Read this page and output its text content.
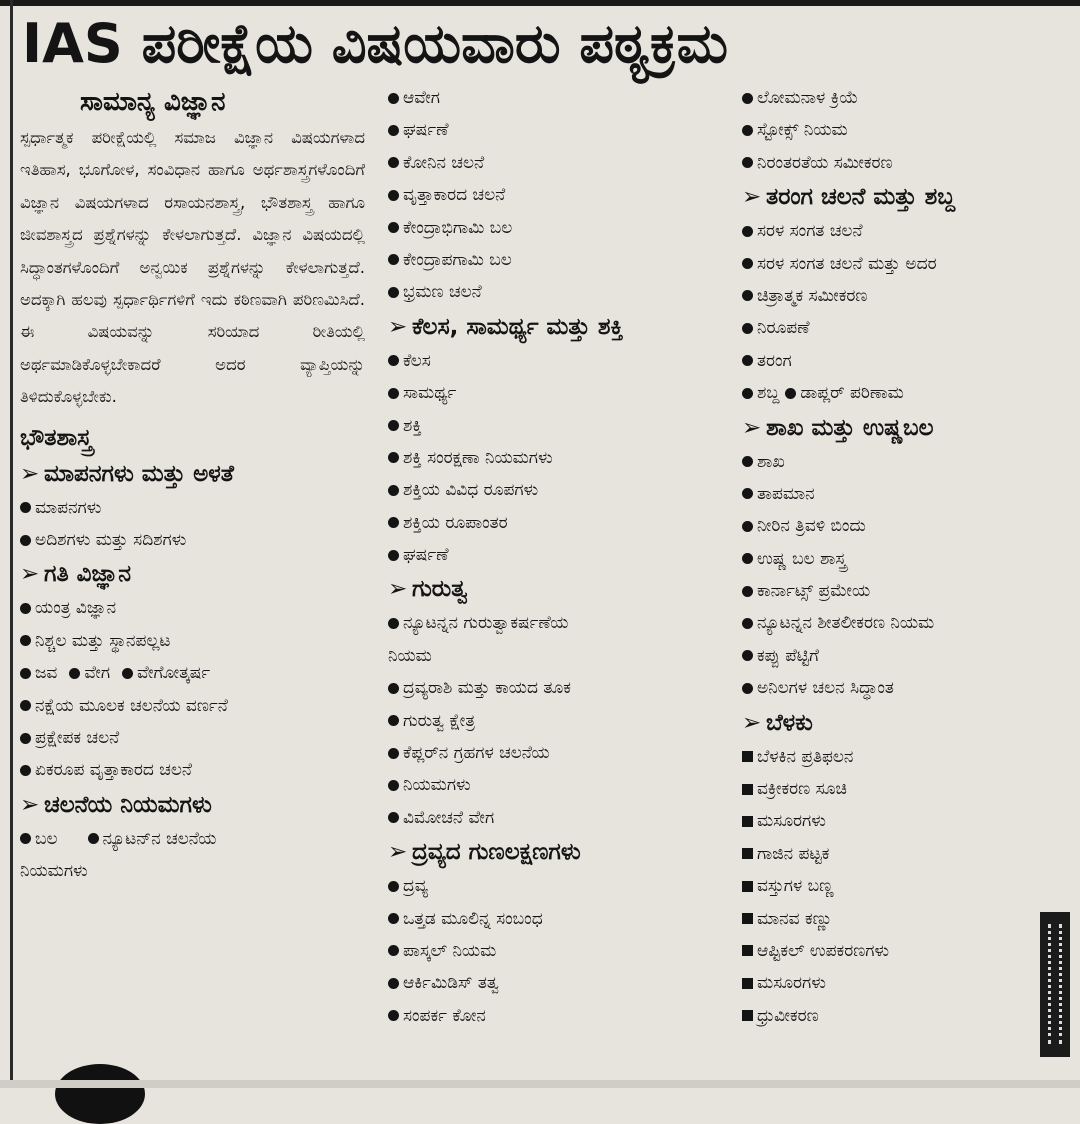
IAS ಪರೀಕ್ಷೆಯ ವಿಷಯವಾರು ಪಠ್ಯಕ್ರಮ
ಸಾಮಾನ್ಯ ವಿಜ್ಞಾನ
ಸ್ಪರ್ಧಾತ್ಮಕ ಪರೀಕ್ಷೆಯಲ್ಲಿ ಸಮಾಜ ವಿಜ್ಞಾನ ವಿಷಯಗಳಾದ ಇತಿಹಾಸ, ಭೂಗೋಳ, ಸಂವಿಧಾನ ಹಾಗೂ ಅರ್ಥಶಾಸ್ತ್ರಗಳೊಂದಿಗೆ ವಿಜ್ಞಾನ ವಿಷಯಗಳಾದ ರಸಾಯನಶಾಸ್ತ್ರ, ಭೌತಶಾಸ್ತ್ರ ಹಾಗೂ ಜೀವಶಾಸ್ತ್ರದ ಪ್ರಶ್ನೆಗಳನ್ನು ಕೇಳಲಾಗುತ್ತದೆ. ವಿಜ್ಞಾನ ವಿಷಯದಲ್ಲಿ ಸಿದ್ಧಾಂತಗಳೊಂದಿಗೆ ಅನ್ವಯಿಕ ಪ್ರಶ್ನೆಗಳನ್ನು ಕೇಳಲಾಗುತ್ತದೆ. ಅದಕ್ಕಾಗಿ ಹಲವು ಸ್ಪರ್ಧಾರ್ಥಿಗಳಿಗೆ ಇದು ಕಠಿಣವಾಗಿ ಪರಿಣಮಿಸಿದೆ. ಈ ವಿಷಯವನ್ನು ಸರಿಯಾದ ರೀತಿಯಲ್ಲಿ ಅರ್ಥಮಾಡಿಕೊಳ್ಳಬೇಕಾದರೆ ಅದರ ವ್ಯಾಪ್ತಿಯನ್ನು ತಿಳಿದುಕೊಳ್ಳಬೇಕು.
ಭೌತಶಾಸ್ತ್ರ
➢ ಮಾಪನಗಳು ಮತ್ತು ಅಳತೆ
ಮಾಪನಗಳು
ಅದಿಶಗಳು ಮತ್ತು ಸದಿಶಗಳು
➢ ಗತಿ ವಿಜ್ಞಾನ
ಯಂತ್ರ ವಿಜ್ಞಾನ
ನಿಶ್ಚಲ ಮತ್ತು ಸ್ಥಾನಪಲ್ಲಟ
ಜವ ವೇಗ ವೇಗೋತ್ಕರ್ಷ
ನಕ್ಷೆಯ ಮೂಲಕ ಚಲನೆಯ ವರ್ಣನೆ
ಪ್ರಕ್ಷೇಪಕ ಚಲನೆ
ಏಕರೂಪ ವೃತ್ತಾಕಾರದ ಚಲನೆ
➢ ಚಲನೆಯ ನಿಯಮಗಳು
ಬಲ	ನ್ಯೂಟನ್‌ನ ಚಲನೆಯ
ನಿಯಮಗಳು
ಆವೇಗ
ಘರ್ಷಣೆ
ಕೋನಿನ ಚಲನೆ
ವೃತ್ತಾಕಾರದ ಚಲನೆ
ಕೇಂದ್ರಾಭಿಗಾಮಿ ಬಲ
ಕೇಂದ್ರಾಪಗಾಮಿ ಬಲ
ಭ್ರಮಣ ಚಲನೆ
➢ ಕೆಲಸ, ಸಾಮರ್ಥ್ಯ ಮತ್ತು ಶಕ್ತಿ
ಕೆಲಸ
ಸಾಮರ್ಥ್ಯ
ಶಕ್ತಿ
ಶಕ್ತಿ ಸಂರಕ್ಷಣಾ ನಿಯಮಗಳು
ಶಕ್ತಿಯ ವಿವಿಧ ರೂಪಗಳು
ಶಕ್ತಿಯ ರೂಪಾಂತರ
ಘರ್ಷಣೆ
➢ ಗುರುತ್ವ
ನ್ಯೂಟನ್ನನ ಗುರುತ್ವಾಕರ್ಷಣೆಯ
ನಿಯಮ
ದ್ರವ್ಯರಾಶಿ ಮತ್ತು ಕಾಯದ ತೂಕ
ಗುರುತ್ವ ಕ್ಷೇತ್ರ
ಕೆಪ್ಲರ್‌ನ ಗ್ರಹಗಳ ಚಲನೆಯ
ನಿಯಮಗಳು
ವಿಮೋಚನೆ ವೇಗ
➢ ದ್ರವ್ಯದ ಗುಣಲಕ್ಷಣಗಳು
ದ್ರವ್ಯ
ಒತ್ತಡ ಮೂಲಿನ್ನ ಸಂಬಂಧ
ಪಾಸ್ಕಲ್ ನಿಯಮ
ಆರ್ಕಿಮಿಡಿಸ್ ತತ್ವ
ಸಂಪರ್ಕ ಕೋನ
ಲೋಮನಾಳ ಕ್ರಿಯೆ
ಸ್ಟೋಕ್ಸ್ ನಿಯಮ
ನಿರಂತರತೆಯ ಸಮೀಕರಣ
➢ ತರಂಗ ಚಲನೆ ಮತ್ತು ಶಬ್ದ
ಸರಳ ಸಂಗತ ಚಲನೆ
ಸರಳ ಸಂಗತ ಚಲನೆ ಮತ್ತು ಅದರ
ಚಿತ್ರಾತ್ಮಕ ಸಮೀಕರಣ
ನಿರೂಪಣೆ
ತರಂಗ
ಶಬ್ದ ಡಾಪ್ಲರ್ ಪರಿಣಾಮ
➢ ಶಾಖ ಮತ್ತು ಉಷ್ಣಬಲ
ಶಾಖ
ತಾಪಮಾನ
ನೀರಿನ ತ್ರಿವಳಿ ಬಿಂದು
ಉಷ್ಣ ಬಲ ಶಾಸ್ತ್ರ
ಕಾರ್ನಾಟ್ಸ್ ಪ್ರಮೇಯ
ನ್ಯೂಟನ್ನನ ಶೀತಲೀಕರಣ ನಿಯಮ
ಕಪ್ಪು ಪೆಟ್ಟಿಗೆ
ಅನಿಲಗಳ ಚಲನ ಸಿದ್ಧಾಂತ
➢ ಬೆಳಕು
ಬೆಳಕಿನ ಪ್ರತಿಫಲನ
ವಕ್ರೀಕರಣ ಸೂಚಿ
ಮಸೂರಗಳು
ಗಾಜಿನ ಪಟ್ಟಕ
ವಸ್ತುಗಳ ಬಣ್ಣ
ಮಾನವ ಕಣ್ಣು
ಆಪ್ಟಿಕಲ್ ಉಪಕರಣಗಳು
ಮಸೂರಗಳು
ಧ್ರುವೀಕರಣ
